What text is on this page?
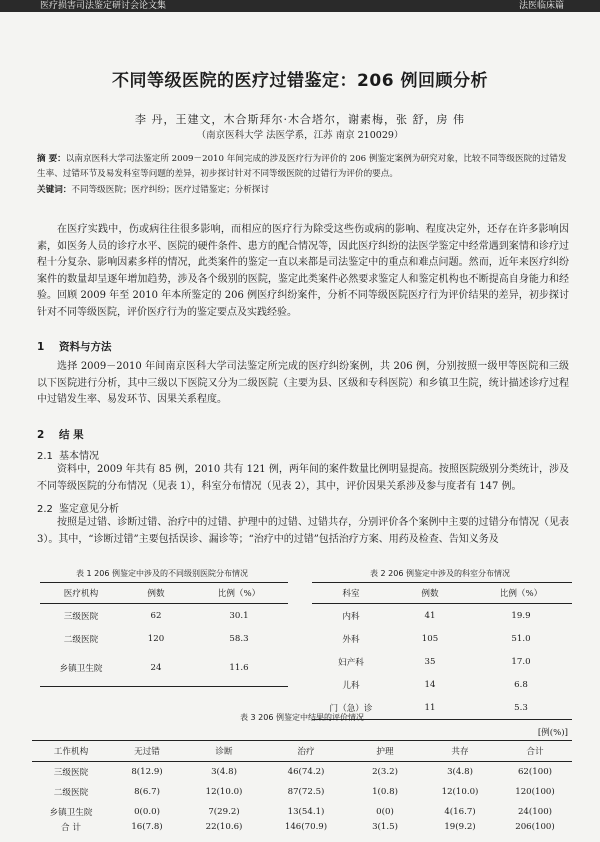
医疗损害司法鉴定研讨会论文集	法医临床篇
不同等级医院的医疗过错鉴定：206 例回顾分析
李 丹，王建文，木合斯拜尔·木合塔尔，谢素梅，张 舒，房 伟
（南京医科大学 法医学系，江苏 南京 210029）
摘 要：以南京医科大学司法鉴定所 2009－2010 年间完成的涉及医疗行为评价的 206 例鉴定案例为研究对象，比较不同等级医院的过错发生率、过错环节及易发科室等问题的差异，初步探讨针对不同等级医院的过错行为评价的要点。
关键词：不同等级医院；医疗纠纷；医疗过错鉴定；分析探讨

在医疗实践中，伤或病往往很多影响，而相应的医疗行为除受这些伤或病的影响、程度决定外，还存在许多影响因素，如医务人员的诊疗水平、医院的硬件条件、患方的配合情况等，因此医疗纠纷的法医学鉴定中经常遇到案情和诊疗过程十分复杂、影响因素多样的情况，此类案件的鉴定一直以来都是司法鉴定中的重点和难点问题。然而，近年来医疗纠纷案件的数量却呈逐年增加趋势，涉及各个级别的医院，鉴定此类案件必然要求鉴定人和鉴定机构也不断提高自身能力和经验。回顾 2009 年至 2010 年本所鉴定的 206 例医疗纠纷案件，分析不同等级医院医疗行为评价结果的差异，初步探讨针对不同等级医院，评价医疗行为的鉴定要点及实践经验。

1 资料与方法

选择 2009－2010 年间南京医科大学司法鉴定所完成的医疗纠纷案例，共 206 例，分别按照一级甲等医院和三级以下医院进行分析，其中三级以下医院又分为二级医院（主要为县、区级和专科医院）和乡镇卫生院，统计描述诊疗过程中过错发生率、易发环节、因果关系程度。

2 结 果
2.1 基本情况

资料中，2009 年共有 85 例，2010 共有 121 例，两年间的案件数量比例明显提高。按照医院级别分类统计，涉及不同等级医院的分布情况（见表 1），科室分布情况（见表 2），其中，评价因果关系涉及参与度者有 147 例。

2.2 鉴定意见分析

按照是过错、诊断过错、治疗中的过错、护理中的过错、过错共存，分别评价各个案例中主要的过错分布情况（见表 3）。其中，“诊断过错”主要包括误诊、漏诊等；“治疗中的过错”包括治疗方案、用药及检查、告知义务及

表 1 206 例鉴定中涉及的不同级别医院分布情况
医疗机构	例数	比例（%）
三级医院	62	30.1
二级医院	120	58.3
乡镇卫生院	24	11.6
表 2 206 例鉴定中涉及的科室分布情况
科室	例数	比例（%）
内科	41	19.9
外科	105	51.0
妇产科	35	17.0
儿科	14	6.8
门（急）诊	11	5.3
表 3 206 例鉴定中结果的评价情况
[例(%)]
工作机构	无过错	诊断	治疗	护理	共存	合计
三级医院	8(12.9)	3(4.8)	46(74.2)	2(3.2)	3(4.8)	62(100)
二级医院	8(6.7)	12(10.0)	87(72.5)	1(0.8)	12(10.0)	120(100)
乡镇卫生院	0(0.0)	7(29.2)	13(54.1)	0(0)	4(16.7)	24(100)
合 计	16(7.8)	22(10.6)	146(70.9)	3(1.5)	19(9.2)	206(100)
